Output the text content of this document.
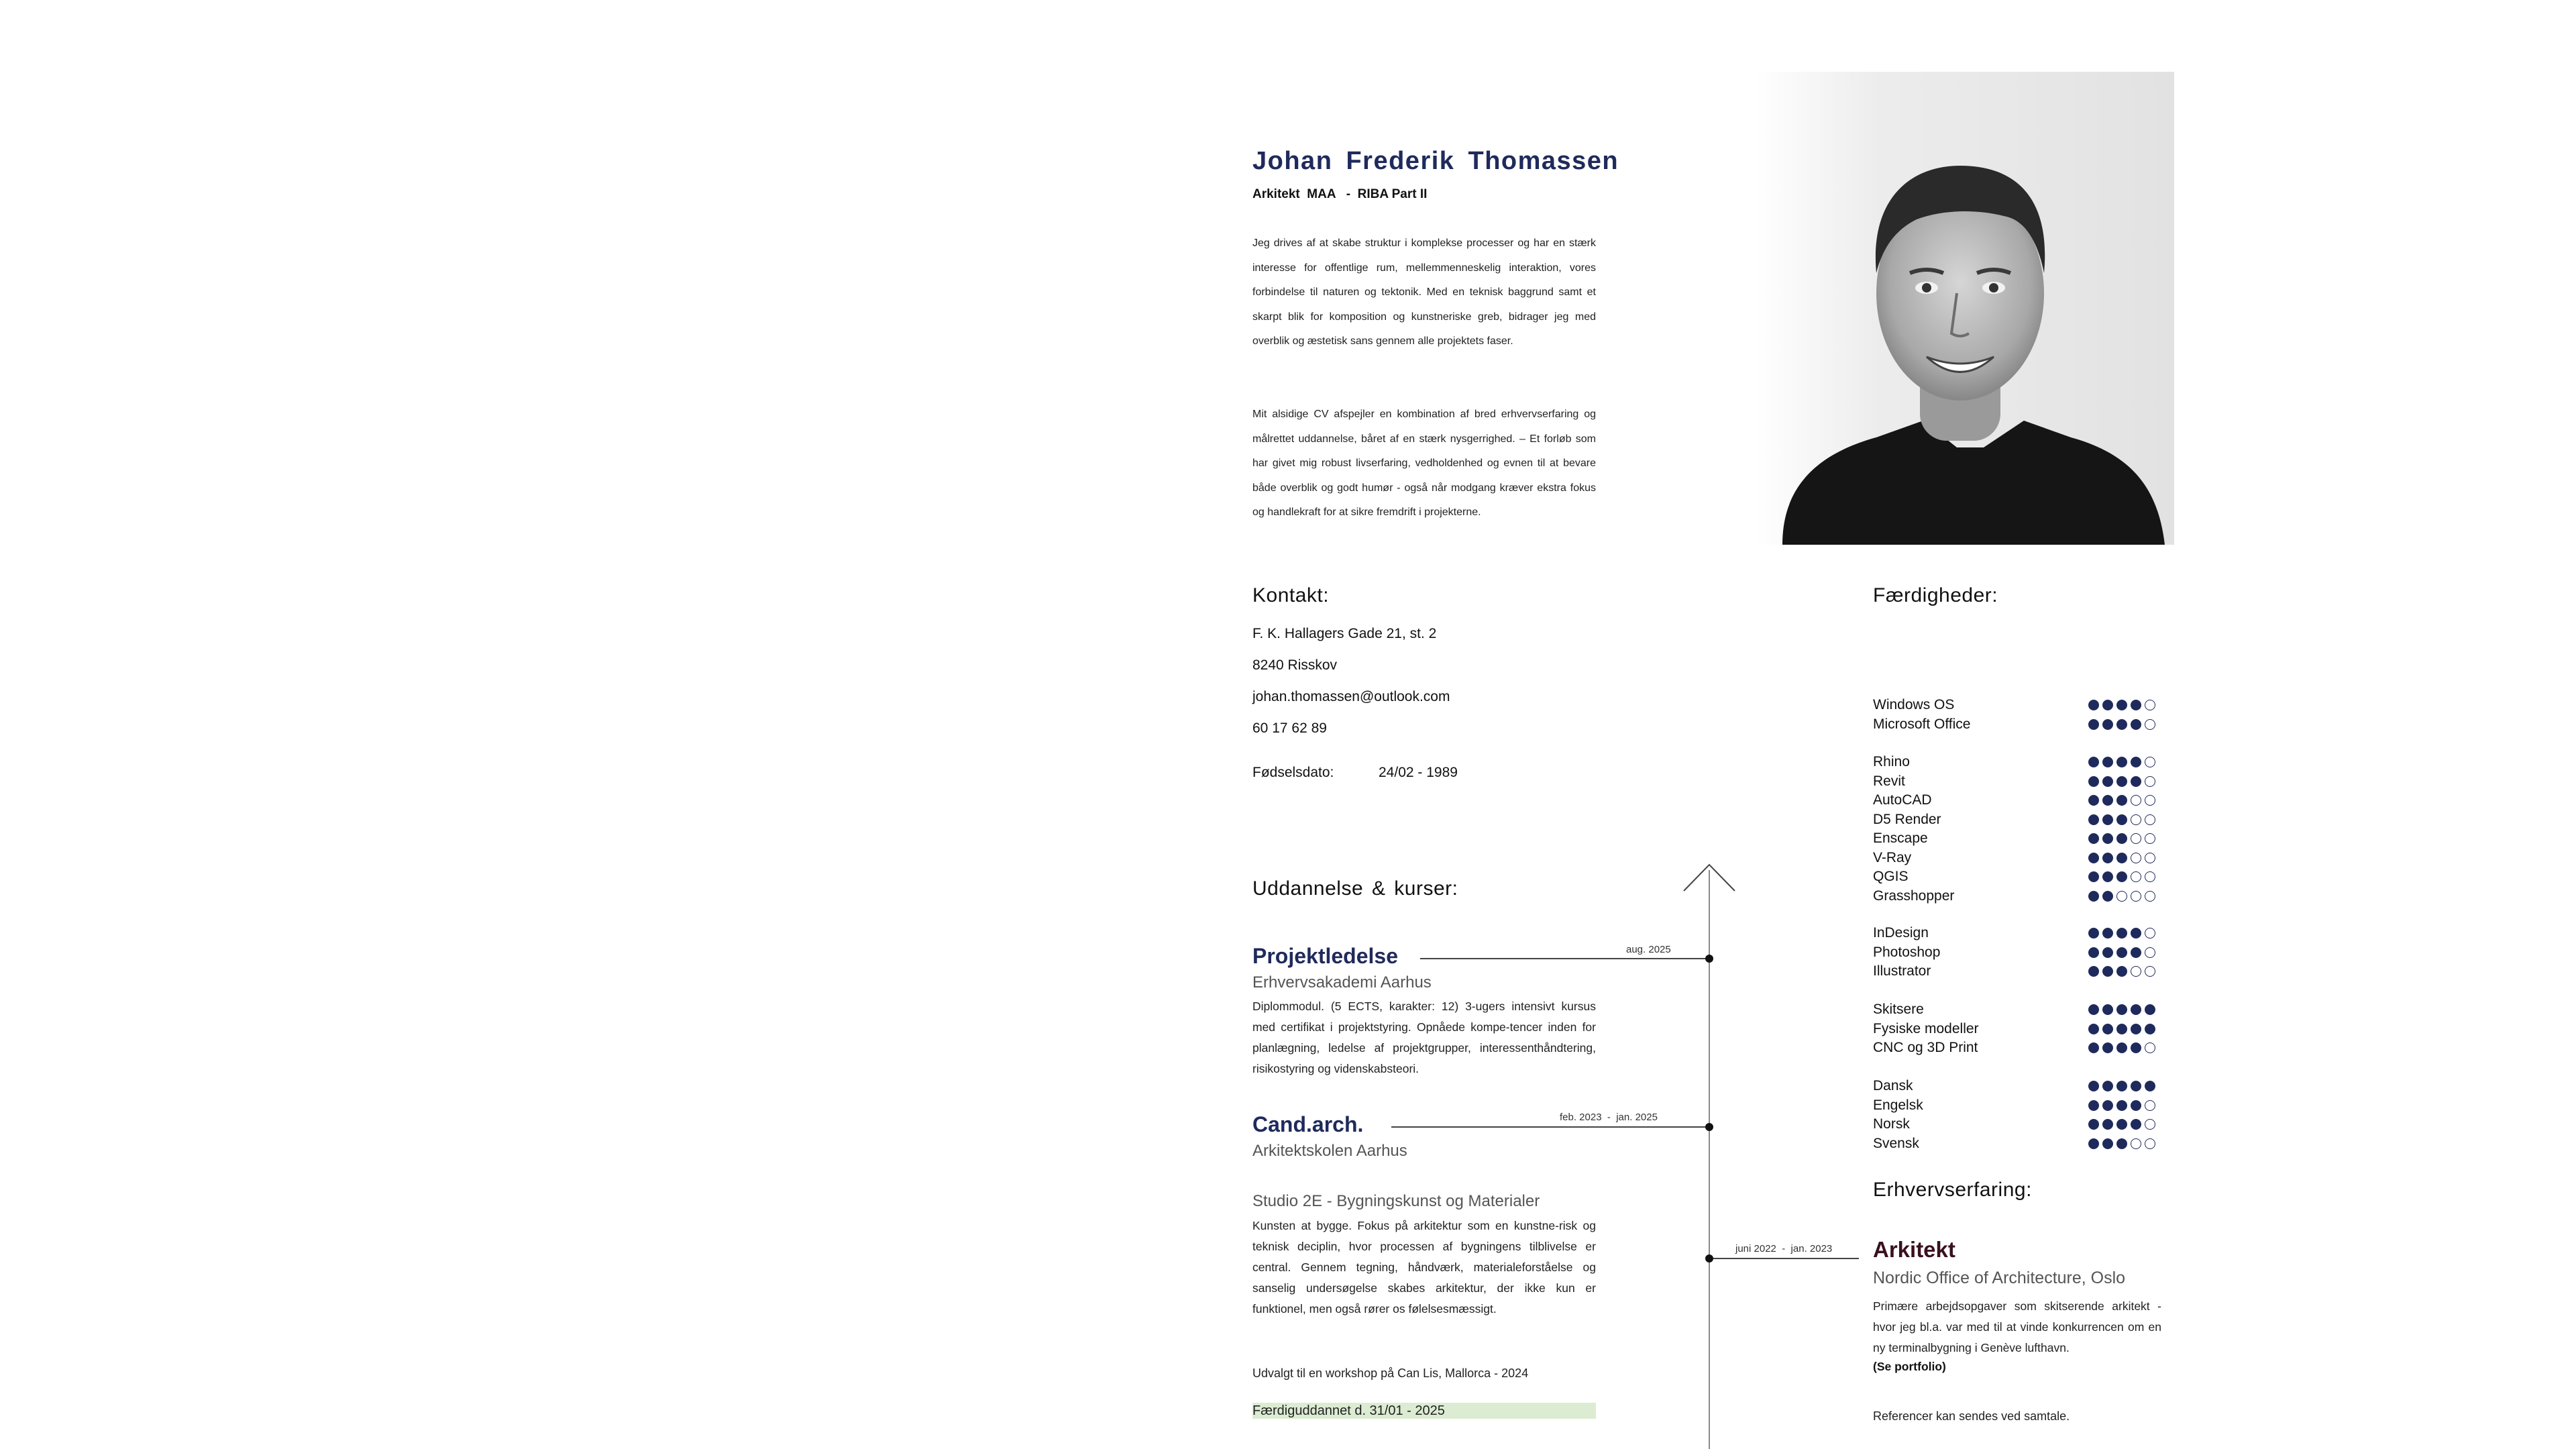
Johan Frederik Thomassen
Arkitekt  MAA   -  RIBA Part II
Jeg drives af at skabe struktur i komplekse processer og har en stærk interesse for offentlige rum, mellemmenneskelig interaktion, vores forbindelse til naturen og tektonik. Med en teknisk baggrund samt et skarpt blik for komposition og kunstneriske greb, bidrager jeg med overblik og æstetisk sans gennem alle projektets faser.
Mit alsidige CV afspejler en kombination af bred erhvervserfaring og målrettet uddannelse, båret af en stærk nysgerrighed. – Et forløb som har givet mig robust livserfaring, vedholdenhed og evnen til at bevare både overblik og godt humør - også når modgang kræver ekstra fokus og handlekraft for at sikre fremdrift i projekterne.
Kontakt:
F. K. Hallagers Gade 21, st. 2
8240 Risskov
johan.thomassen@outlook.com
60 17 62 89
Fødselsdato:	24/02 - 1989
Uddannelse & kurser:
Projektledelse	aug. 2025
Erhvervsakademi Aarhus
Diplommodul. (5 ECTS, karakter: 12) 3-ugers intensivt kursus med certifikat i projektstyring. Opnåede kompe-tencer inden for planlægning, ledelse af projektgrupper, interessenthåndtering, risikostyring og videnskabsteori.
Cand.arch.	feb. 2023  -  jan. 2025
Arkitektskolen Aarhus
Studio 2E - Bygningskunst og Materialer
Kunsten at bygge. Fokus på arkitektur som en kunstne-risk og teknisk deciplin, hvor processen af bygningens tilblivelse er central. Gennem tegning, håndværk, materialeforståelse og sanselig undersøgelse skabes arkitektur, der ikke kun er funktionel, men også rører os følelsesmæssigt.
Udvalgt til en workshop på Can Lis, Mallorca - 2024
Færdiguddannet d. 31/01 - 2025
Færdigheder:
Erhvervserfaring:
juni 2022  -  jan. 2023 Arkitekt
Nordic Office of Architecture, Oslo
Primære arbejdsopgaver som skitserende arkitekt - hvor jeg bl.a. var med til at vinde konkurrencen om en ny terminalbygning i Genève lufthavn.
(Se portfolio)
Referencer kan sendes ved samtale.
Windows OS
Microsoft Office
Rhino
Revit
AutoCAD
D5 Render
Enscape
V-Ray
QGIS
Grasshopper
InDesign
Photoshop
Illustrator
Skitsere
Fysiske modeller
CNC og 3D Print
Dansk
Engelsk
Norsk
Svensk
